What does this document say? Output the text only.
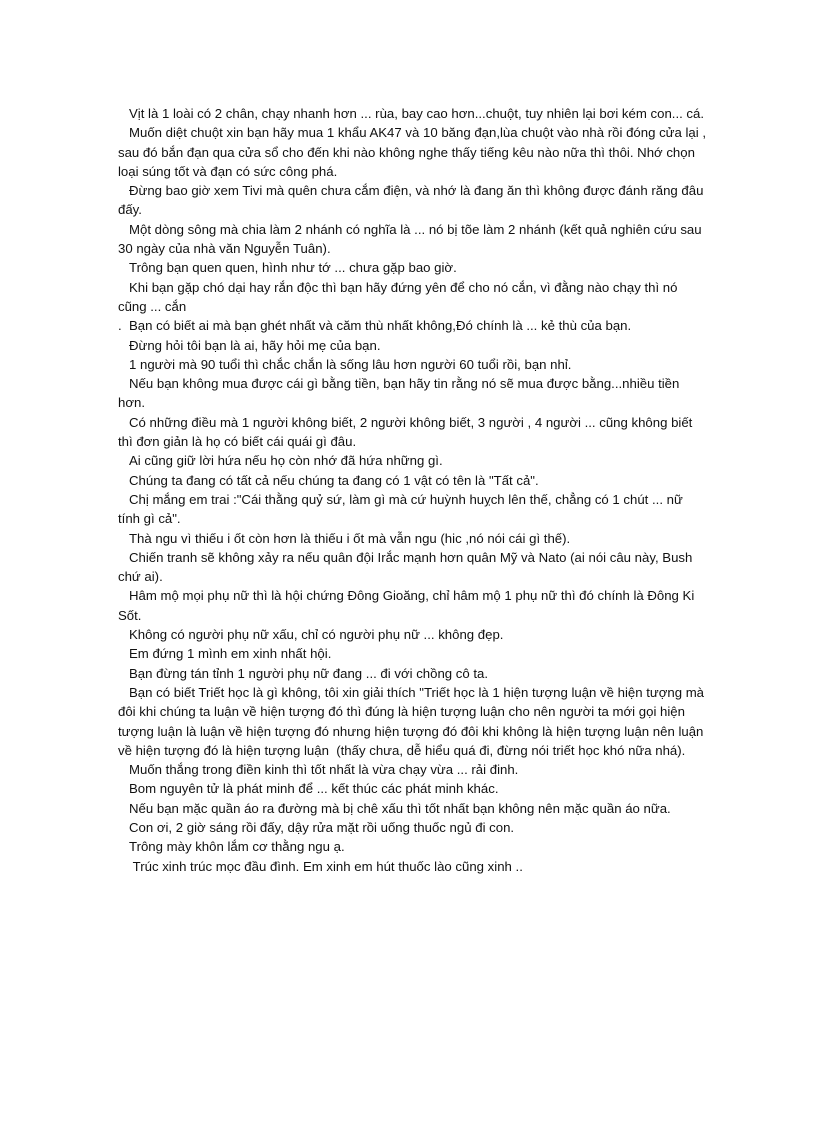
Vịt là 1 loài có 2 chân, chạy nhanh hơn ... rùa, bay cao hơn...chuột, tuy nhiên lại bơi kém con... cá.

Muốn diệt chuột xin bạn hãy mua 1 khẩu AK47 và 10 băng đạn,lùa chuột vào nhà rồi đóng cửa lại , sau đó bắn đạn qua cửa sổ cho đến khi nào không nghe thấy tiếng kêu nào nữa thì thôi. Nhớ chọn loại súng tốt và đạn có sức công phá.

Đừng bao giờ xem Tivi mà quên chưa cắm điện, và nhớ là đang ăn thì không được đánh răng đâu đấy.

Một dòng sông mà chia làm 2 nhánh có nghĩa là ... nó bị tõe làm 2 nhánh (kết quả nghiên cứu sau 30 ngày của nhà văn Nguyễn Tuân).

Trông bạn quen quen, hình như tớ ... chưa gặp bao giờ.

Khi bạn gặp chó dại hay rắn độc thì bạn hãy đứng yên để cho nó cắn, vì đằng nào chạy thì nó cũng ... cắn

.  Bạn có biết ai mà bạn ghét nhất và căm thù nhất không,Đó chính là ... kẻ thù của bạn.

Đừng hỏi tôi bạn là ai, hãy hỏi mẹ của bạn.

1 người mà 90 tuổi thì chắc chắn là sống lâu hơn người 60 tuổi rồi, bạn nhỉ.

Nếu bạn không mua được cái gì bằng tiền, bạn hãy tin rằng nó sẽ mua được bằng...nhiều tiền hơn.

Có những điều mà 1 người không biết, 2 người không biết, 3 người , 4 người ... cũng không biết thì đơn giản là họ có biết cái quái gì đâu.

Ai cũng giữ lời hứa nếu họ còn nhớ đã hứa những gì.

Chúng ta đang có tất cả nếu chúng ta đang có 1 vật có tên là "Tất cả".

Chị mắng em trai :"Cái thằng quỷ sứ, làm gì mà cứ huỳnh huỵch lên thế, chẳng có 1 chút ... nữ tính gì cả".

Thà ngu vì thiếu i ốt còn hơn là thiếu i ốt mà vẫn ngu (hic ,nó nói cái gì thế).

Chiến tranh sẽ không xảy ra nếu quân đội Irắc mạnh hơn quân Mỹ và Nato (ai nói câu này, Bush chứ ai).

Hâm mộ mọi phụ nữ thì là hội chứng Đông Gioăng, chỉ hâm mộ 1 phụ nữ thì đó chính là Đông Ki Sốt.

Không có người phụ nữ xấu, chỉ có người phụ nữ ... không đẹp.

Em đứng 1 mình em xinh nhất hội.

Bạn đừng tán tỉnh 1 người phụ nữ đang ... đi với chồng cô ta.

Bạn có biết Triết học là gì không, tôi xin giải thích "Triết học là 1 hiện tượng luận về hiện tượng mà đôi khi chúng ta luận về hiện tượng đó thì đúng là hiện tượng luận cho nên người ta mới gọi hiện tượng luận là luận về hiện tượng đó nhưng hiện tượng đó đôi khi không là hiện tượng luận nên luận về hiện tượng đó là hiện tượng luận  (thấy chưa, dễ hiểu quá đi, đừng nói triết học khó nữa nhá).

Muốn thắng trong điền kinh thì tốt nhất là vừa chạy vừa ... rải đinh.

Bom nguyên tử là phát minh để ... kết thúc các phát minh khác.

Nếu bạn mặc quần áo ra đường mà bị chê xấu thì tốt nhất bạn không nên mặc quần áo nữa.

Con ơi, 2 giờ sáng rồi đấy, dậy rửa mặt rồi uống thuốc ngủ đi con.

Trông mày khôn lắm cơ thằng ngu ạ.

Trúc xinh trúc mọc đầu đình. Em xinh em hút thuốc lào cũng xinh ..
